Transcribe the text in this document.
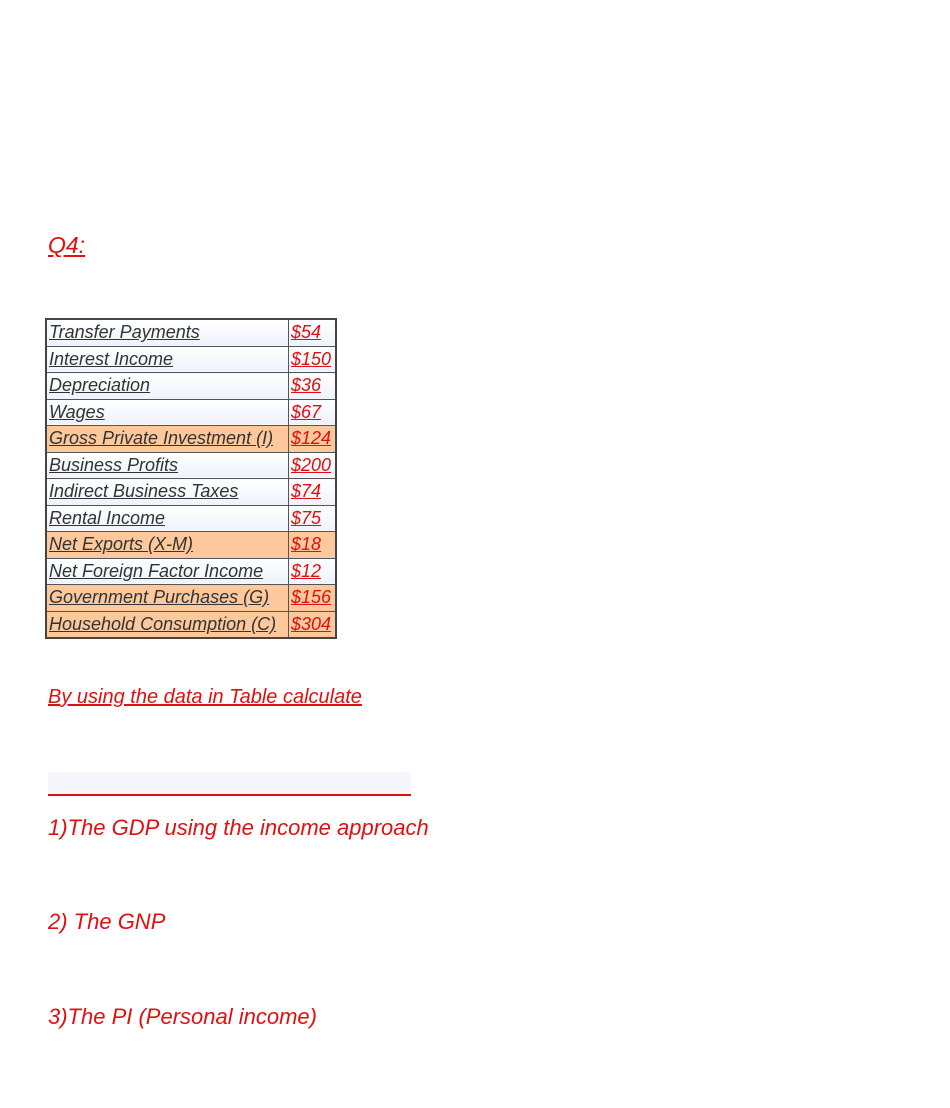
Q4:
Transfer Payments	$54
Interest Income	$150
Depreciation	$36
Wages	$67
Gross Private Investment (I)	$124
Business Profits	$200
Indirect Business Taxes	$74
Rental Income	$75
Net Exports (X-M)	$18
Net Foreign Factor Income	$12
Government Purchases (G)	$156
Household Consumption (C)	$304
By using the data in Table calculate
1)The GDP using the income approach
2) The GNP
3)The PI (Personal income)
